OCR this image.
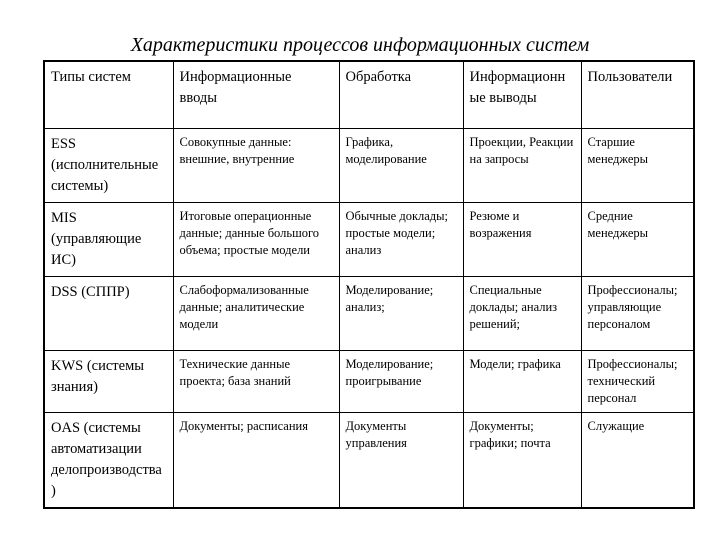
Характеристики процессов информационных систем
Типы систем	Информационные вводы	Обработка	Информационные выводы	Пользователи
ESS (исполнительные системы)	Совокупные данные: внешние, внутренние	Графика, моделирование	Проекции, Реакции на запросы	Старшие менеджеры
MIS (управляющие ИС)	Итоговые операционные данные; данные большого объема; простые модели	Обычные доклады; простые модели; анализ	Резюме и возражения	Средние менеджеры
DSS (СППР)	Слабоформализованные данные; аналитические модели	Моделирование; анализ;	Специальные доклады; анализ решений;	Профессионалы; управляющие персоналом
KWS (системы знания)	Технические данные проекта; база знаний	Моделирование; проигрывание	Модели; графика	Профессионалы; технический персонал
OAS (системы автоматизации делопроизводства)	Документы; расписания	Документы управления	Документы; графики; почта	Служащие
